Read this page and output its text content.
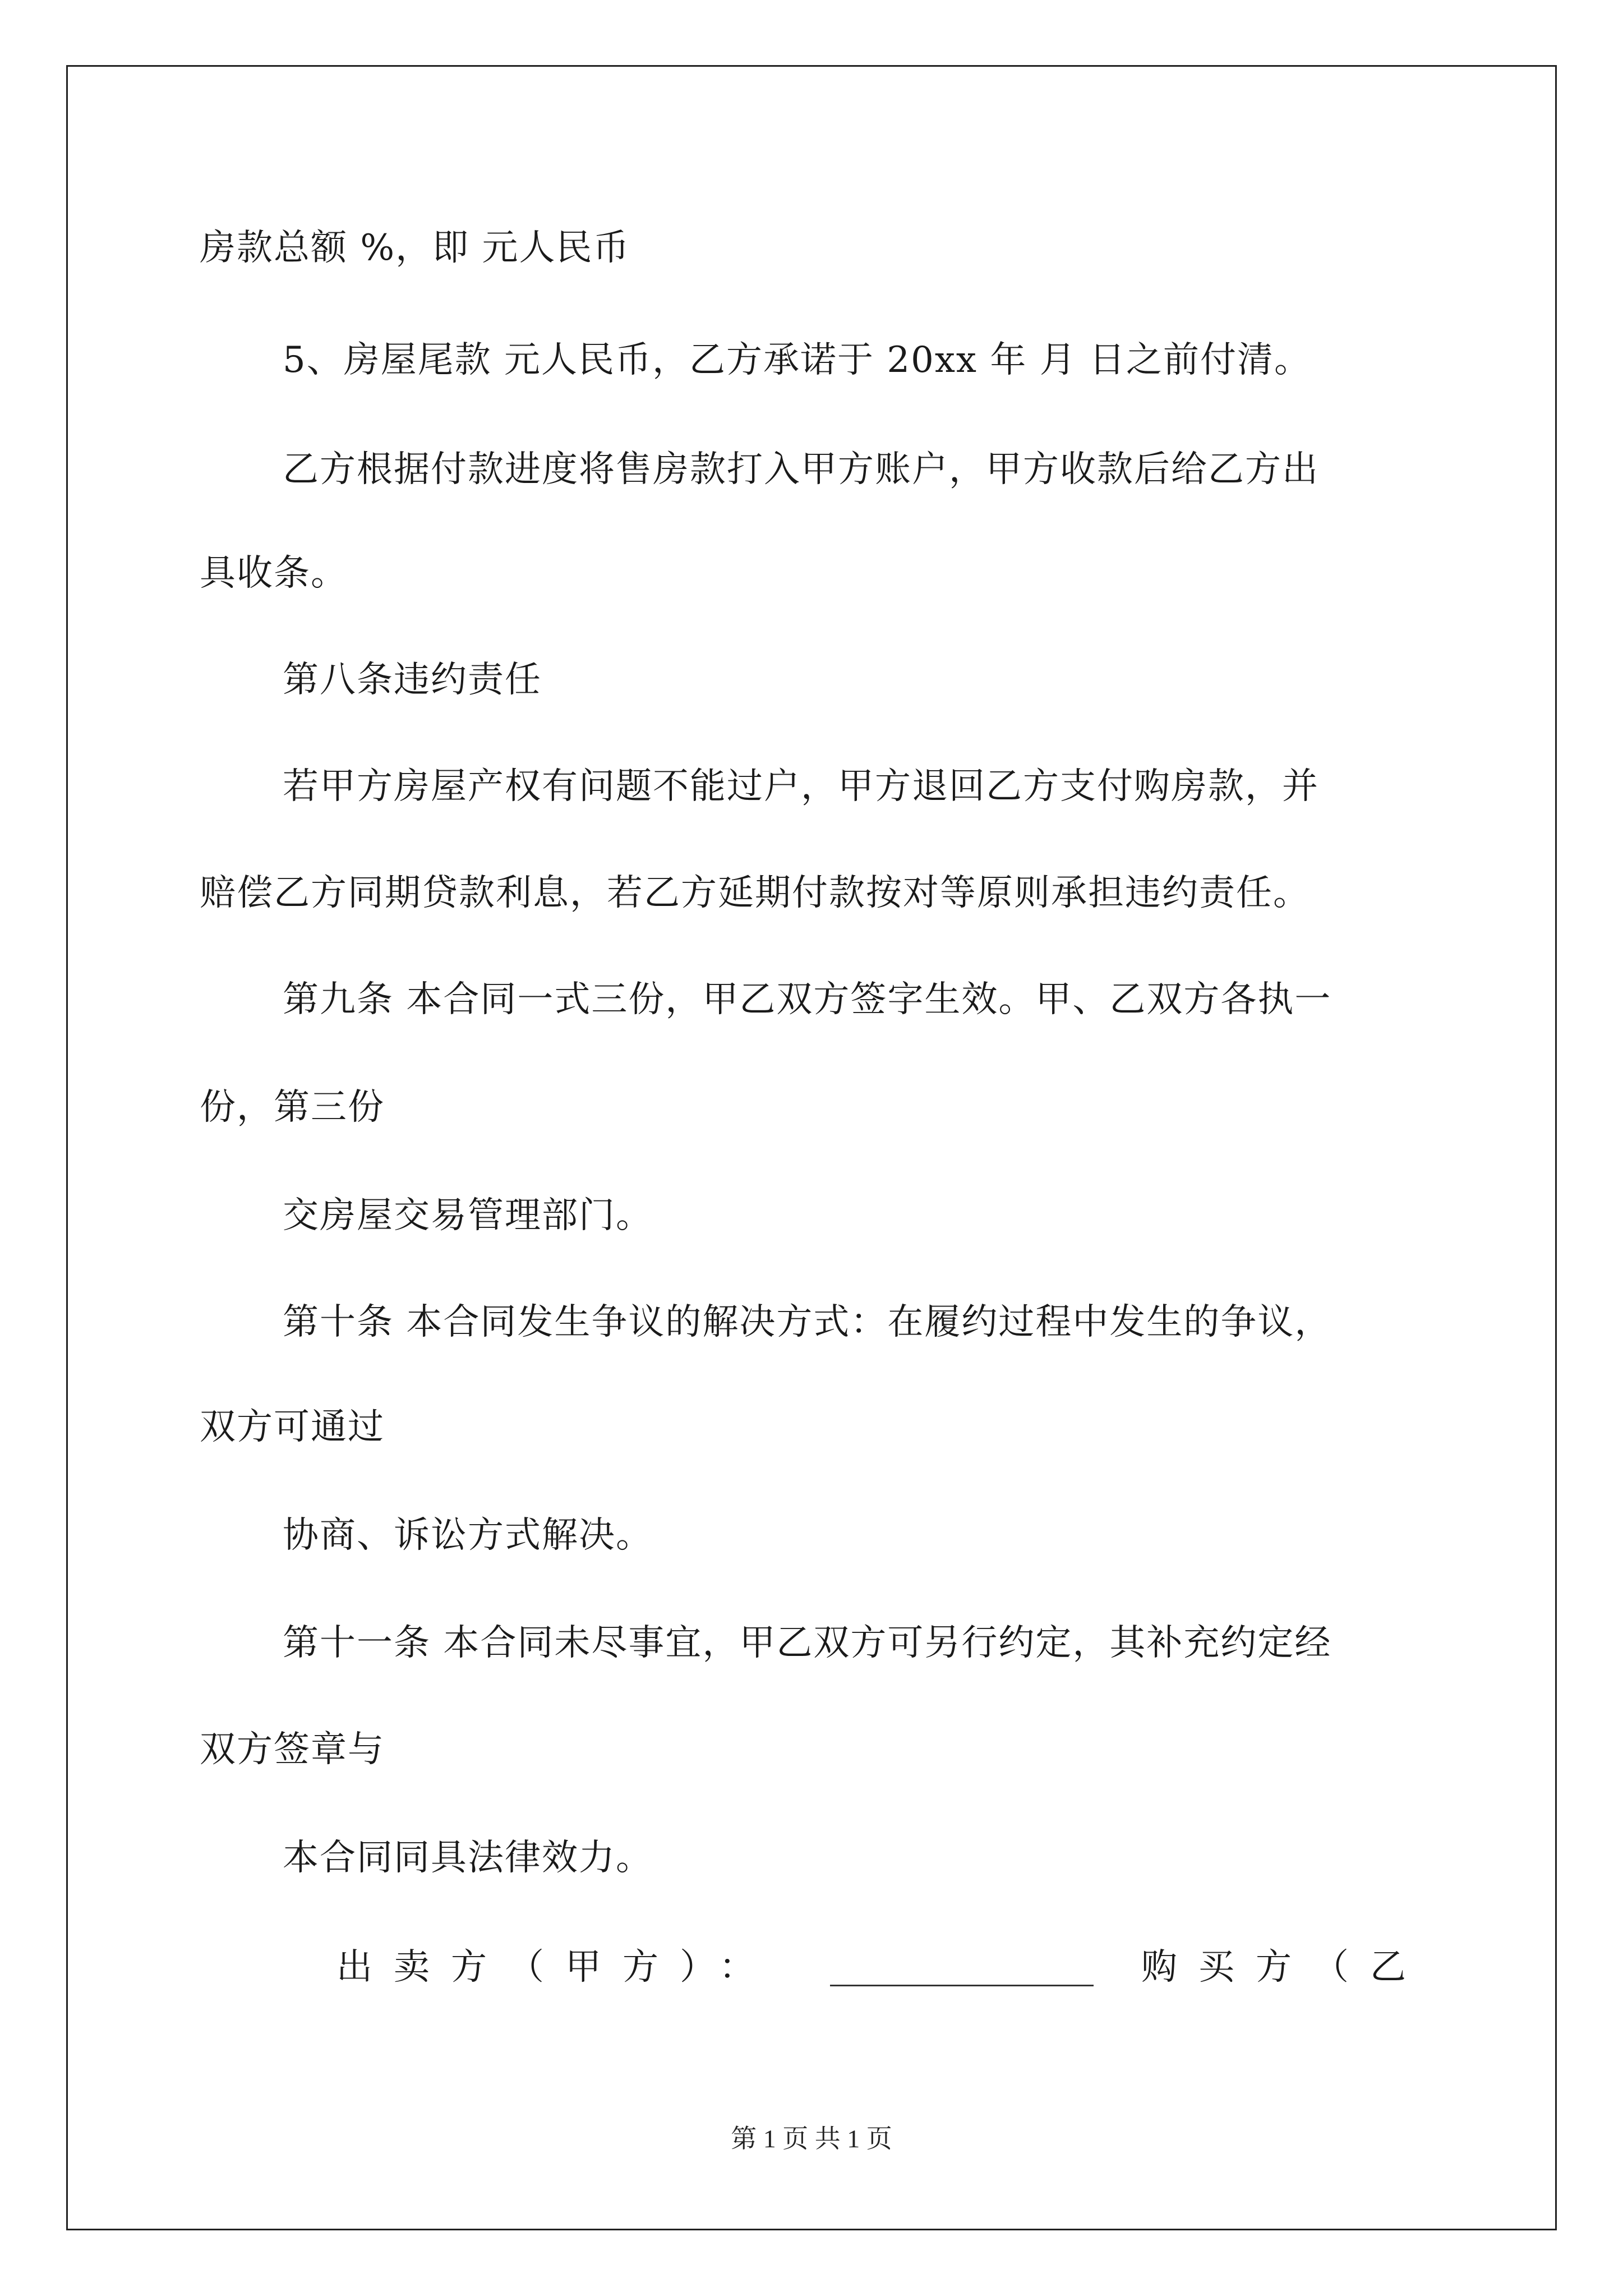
房款总额 %，即 元人民币
5、房屋尾款 元人民币，乙方承诺于 20xx 年 月 日之前付清。
乙方根据付款进度将售房款打入甲方账户，甲方收款后给乙方出
具收条。
第八条违约责任
若甲方房屋产权有问题不能过户，甲方退回乙方支付购房款，并
赔偿乙方同期贷款利息，若乙方延期付款按对等原则承担违约责任。
第九条 本合同一式三份，甲乙双方签字生效。甲、乙双方各执一
份，第三份
交房屋交易管理部门。
第十条 本合同发生争议的解决方式：在履约过程中发生的争议，
双方可通过
协商、诉讼方式解决。
第十一条 本合同未尽事宜，甲乙双方可另行约定，其补充约定经
双方签章与
本合同同具法律效力。
出卖方（甲方）：	购买方（乙
第 1 页 共 1 页
